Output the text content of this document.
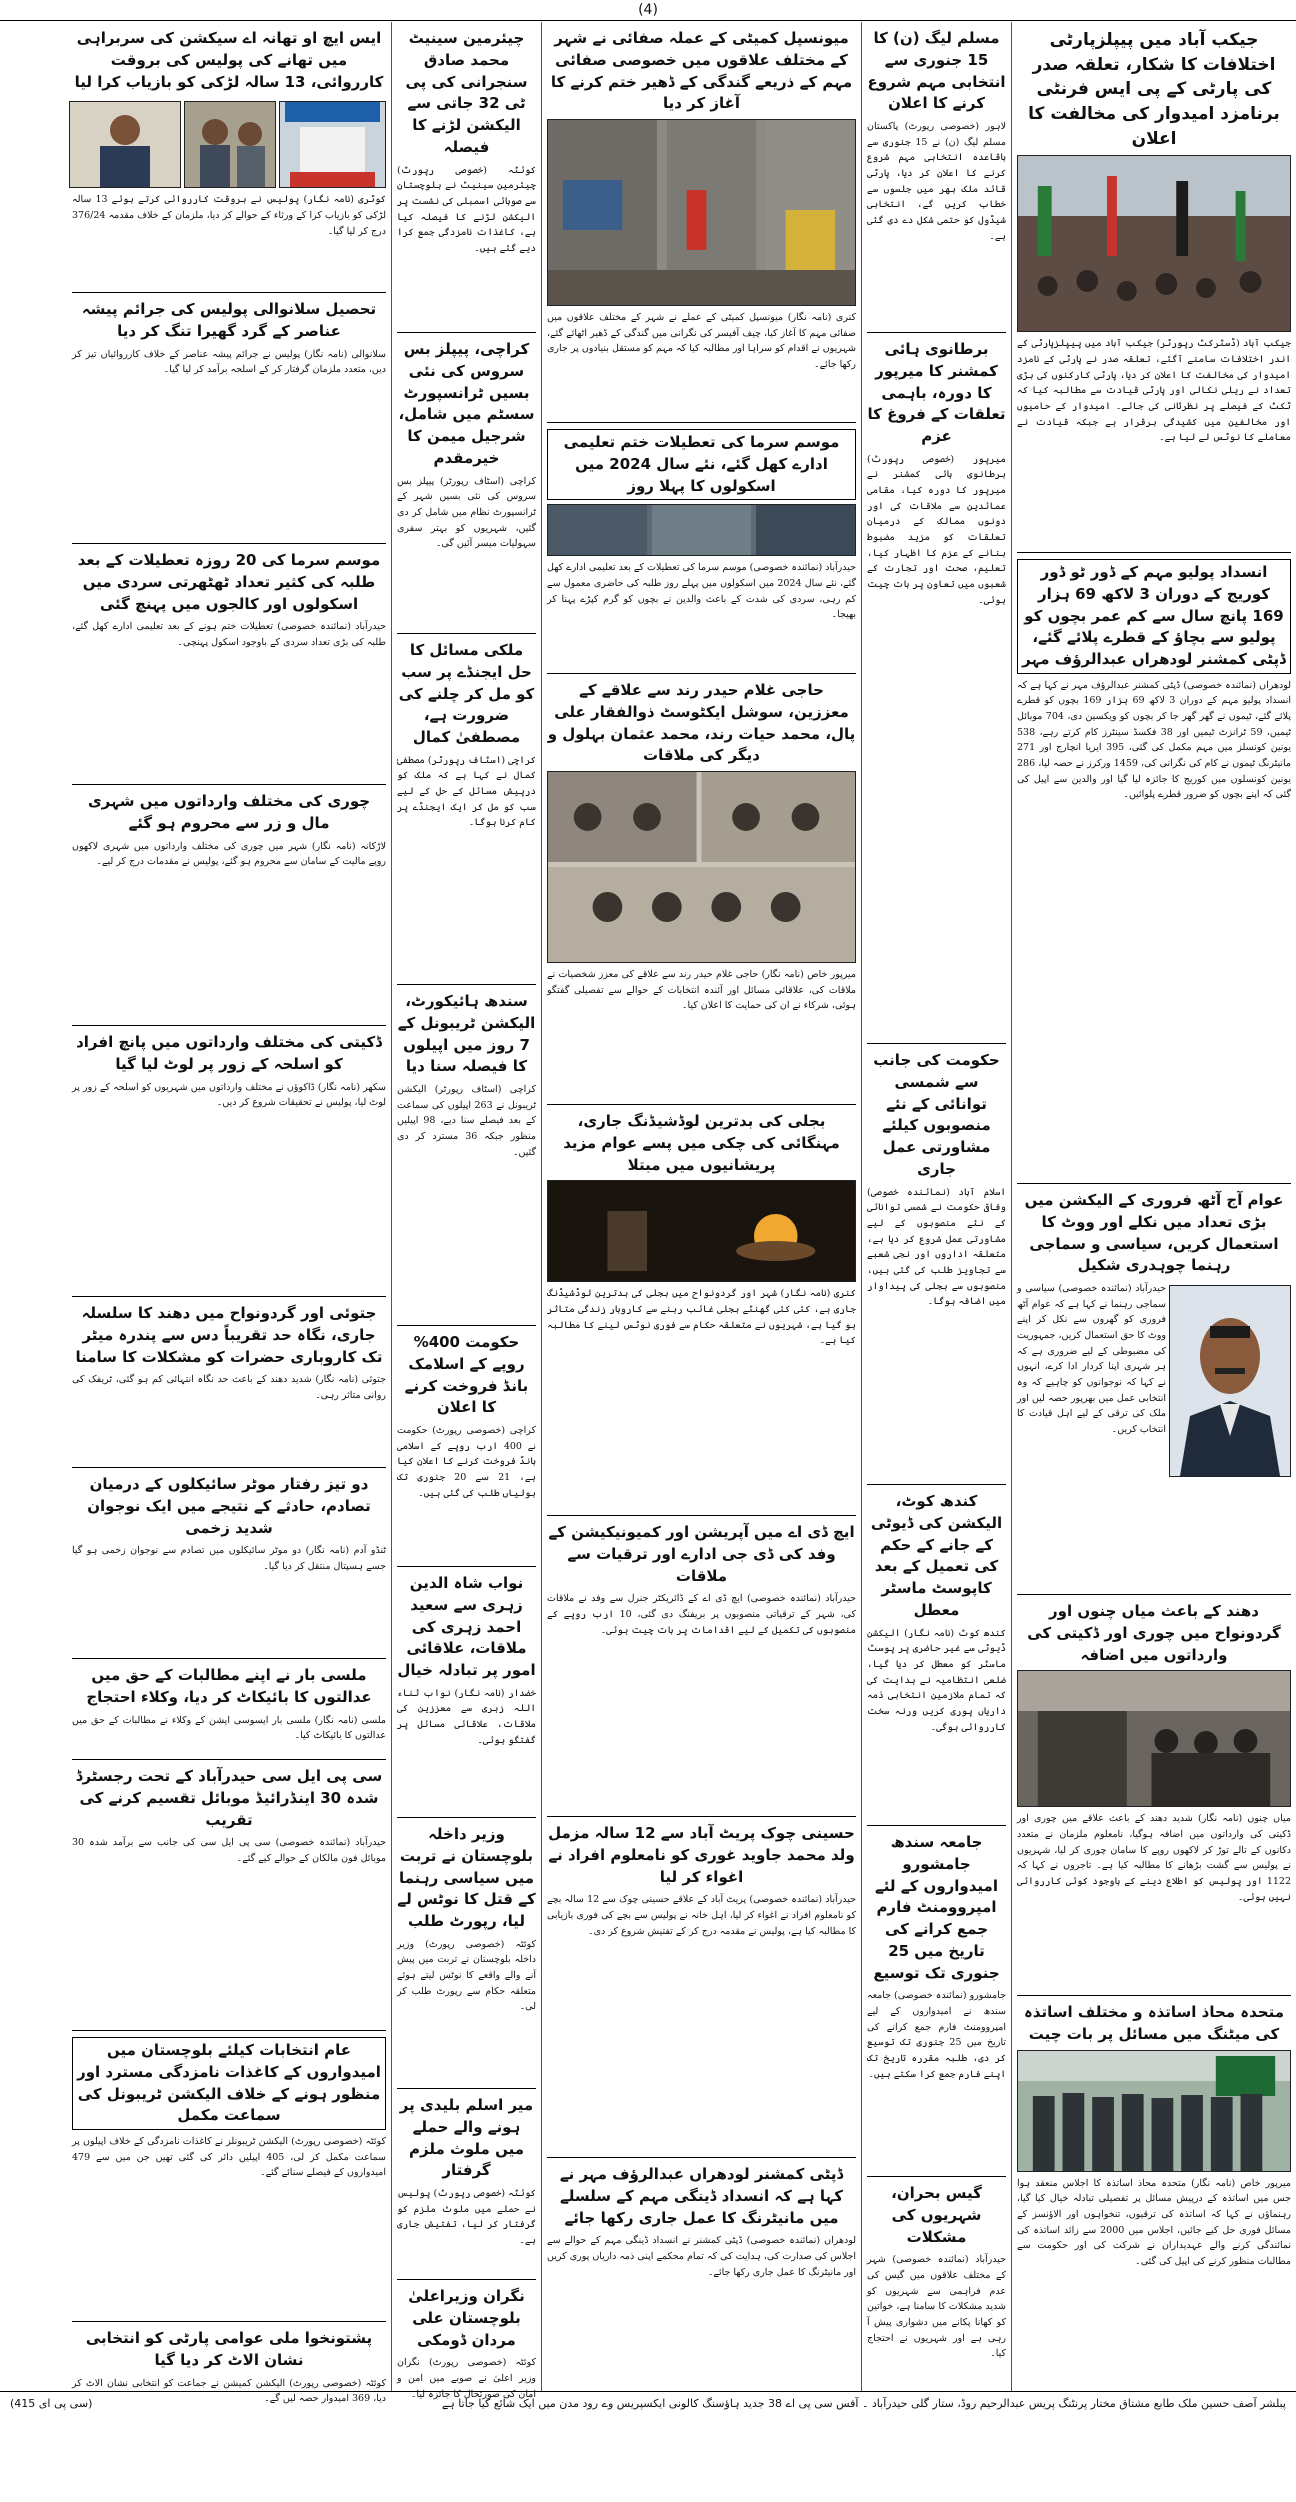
(4)
جیکب آباد میں پیپلزپارٹی اختلافات کا شکار، تعلقہ صدر کی پارٹی کے پی ایس فرنٹی برنامزد امیدوار کی مخالفت کا اعلان
جیکب آباد (ڈسٹرکٹ رپورٹر) جیکب آباد میں پیپلزپارٹی کے اندر اختلافات سامنے آگئے، تعلقہ صدر نے پارٹی کے نامزد امیدوار کی مخالفت کا اعلان کر دیا، پارٹی کارکنوں کی بڑی تعداد نے ریلی نکالی اور پارٹی قیادت سے مطالبہ کیا کہ ٹکٹ کے فیصلے پر نظرثانی کی جائے۔ امیدوار کے حامیوں اور مخالفین میں کشیدگی برقرار ہے جبکہ قیادت نے معاملے کا نوٹس لے لیا ہے۔
انسداد پولیو مہم کے ڈور ٹو ڈور کوریج کے دوران 3 لاکھ 69 ہزار 169 پانچ سال سے کم عمر بچوں کو پولیو سے بچاؤ کے قطرے پلائے گئے، ڈپٹی کمشنر لودھراں عبدالرؤف مہر
لودھراں (نمائندہ خصوصی) ڈپٹی کمشنر عبدالرؤف مہر نے کہا ہے کہ انسداد پولیو مہم کے دوران 3 لاکھ 69 ہزار 169 بچوں کو قطرے پلائے گئے، ٹیموں نے گھر گھر جا کر بچوں کو ویکسین دی، 704 موبائل ٹیمیں، 59 ٹرانزٹ ٹیمیں اور 38 فکسڈ سینٹرز کام کرتے رہے، 538 یونین کونسلز میں مہم مکمل کی گئی، 395 ایریا انچارج اور 271 مانیٹرنگ ٹیموں نے کام کی نگرانی کی، 1459 ورکرز نے حصہ لیا، 286 یونین کونسلوں میں کوریج کا جائزہ لیا گیا اور والدین سے اپیل کی گئی کہ اپنے بچوں کو ضرور قطرے پلوائیں۔
عوام آج آٹھ فروری کے الیکشن میں بڑی تعداد میں نکلے اور ووٹ کا استعمال کریں، سیاسی و سماجی رہنما چوہدری شکیل
حیدرآباد (نمائندہ خصوصی) سیاسی و سماجی رہنما نے کہا ہے کہ عوام آٹھ فروری کو گھروں سے نکل کر اپنے ووٹ کا حق استعمال کریں، جمہوریت کی مضبوطی کے لیے ضروری ہے کہ ہر شہری اپنا کردار ادا کرے، انہوں نے کہا کہ نوجوانوں کو چاہیے کہ وہ انتخابی عمل میں بھرپور حصہ لیں اور ملک کی ترقی کے لیے اہل قیادت کا انتخاب کریں۔
دھند کے باعث میاں چنوں اور گردونواح میں چوری اور ڈکیتی کی وارداتوں میں اضافہ
میاں چنوں (نامہ نگار) شدید دھند کے باعث علاقے میں چوری اور ڈکیتی کی وارداتوں میں اضافہ ہوگیا، نامعلوم ملزمان نے متعدد دکانوں کے تالے توڑ کر لاکھوں روپے کا سامان چوری کر لیا، شہریوں نے پولیس سے گشت بڑھانے کا مطالبہ کیا ہے۔ تاجروں نے کہا کہ 1122 اور پولیس کو اطلاع دینے کے باوجود کوئی کارروائی نہیں ہوئی۔
متحدہ محاذ اساتذہ و مختلف اساتذہ کی میٹنگ میں مسائل پر بات چیت
میرپور خاص (نامہ نگار) متحدہ محاذ اساتذہ کا اجلاس منعقد ہوا جس میں اساتذہ کے درپیش مسائل پر تفصیلی تبادلہ خیال کیا گیا، رہنماؤں نے کہا کہ اساتذہ کی ترقیوں، تنخواہوں اور الاؤنسز کے مسائل فوری حل کیے جائیں، اجلاس میں 2000 سے زائد اساتذہ کی نمائندگی کرنے والے عہدیداران نے شرکت کی اور حکومت سے مطالبات منظور کرنے کی اپیل کی گئی۔
مسلم لیگ (ن) کا 15 جنوری سے انتخابی مہم شروع کرنے کا اعلان
لاہور (خصوصی رپورٹ) پاکستان مسلم لیگ (ن) نے 15 جنوری سے باقاعدہ انتخابی مہم شروع کرنے کا اعلان کر دیا، پارٹی قائد ملک بھر میں جلسوں سے خطاب کریں گے، انتخابی شیڈول کو حتمی شکل دے دی گئی ہے۔
برطانوی ہائی کمشنر کا میرپور کا دورہ، باہمی تعلقات کے فروغ کا عزم
میرپور (خصوصی رپورٹ) برطانوی ہائی کمشنر نے میرپور کا دورہ کیا، مقامی عمائدین سے ملاقات کی اور دونوں ممالک کے درمیان تعلقات کو مزید مضبوط بنانے کے عزم کا اظہار کیا، تعلیم، صحت اور تجارت کے شعبوں میں تعاون پر بات چیت ہوئی۔
حکومت کی جانب سے شمسی توانائی کے نئے منصوبوں کیلئے مشاورتی عمل جاری
اسلام آباد (نمائندہ خصوصی) وفاقی حکومت نے شمسی توانائی کے نئے منصوبوں کے لیے مشاورتی عمل شروع کر دیا ہے، متعلقہ اداروں اور نجی شعبے سے تجاویز طلب کی گئی ہیں، منصوبوں سے بجلی کی پیداوار میں اضافہ ہوگا۔
کندھ کوٹ، الیکشن کی ڈیوٹی کے جانے کے حکم کی تعمیل کے بعد کاپوسٹ ماسٹر معطل
کندھ کوٹ (نامہ نگار) الیکشن ڈیوٹی سے غیر حاضری پر پوسٹ ماسٹر کو معطل کر دیا گیا، ضلعی انتظامیہ نے ہدایت کی کہ تمام ملازمین انتخابی ذمہ داریاں پوری کریں ورنہ سخت کارروائی ہوگی۔
جامعہ سندھ جامشورو امیدواروں کے لئے امپروومنٹ فارم جمع کرانے کی تاریخ میں 25 جنوری تک توسیع
جامشورو (نمائندہ خصوصی) جامعہ سندھ نے امیدواروں کے لیے امپروومنٹ فارم جمع کرانے کی تاریخ میں 25 جنوری تک توسیع کر دی، طلبہ مقررہ تاریخ تک اپنے فارم جمع کرا سکتے ہیں۔
گیس بحران، شہریوں کی مشکلات
حیدرآباد (نمائندہ خصوصی) شہر کے مختلف علاقوں میں گیس کی عدم فراہمی سے شہریوں کو شدید مشکلات کا سامنا ہے، خواتین کو کھانا پکانے میں دشواری پیش آ رہی ہے اور شہریوں نے احتجاج کیا۔
میونسپل کمیٹی کے عملہ صفائی نے شہر کے مختلف علاقوں میں خصوصی صفائی مہم کے ذریعے گندگی کے ڈھیر ختم کرنے کا آغاز کر دیا
کنری (نامہ نگار) میونسپل کمیٹی کے عملے نے شہر کے مختلف علاقوں میں صفائی مہم کا آغاز کیا، چیف آفیسر کی نگرانی میں گندگی کے ڈھیر اٹھائے گئے، شہریوں نے اقدام کو سراہا اور مطالبہ کیا کہ مہم کو مستقل بنیادوں پر جاری رکھا جائے۔
موسم سرما کی تعطیلات ختم تعلیمی ادارے کھل گئے، نئے سال 2024 میں اسکولوں کا پہلا روز
حیدرآباد (نمائندہ خصوصی) موسم سرما کی تعطیلات کے بعد تعلیمی ادارے کھل گئے، نئے سال 2024 میں اسکولوں میں پہلے روز طلبہ کی حاضری معمول سے کم رہی، سردی کی شدت کے باعث والدین نے بچوں کو گرم کپڑے پہنا کر بھیجا۔
حاجی غلام حیدر رند سے علاقے کے معززین، سوشل ایکٹوسٹ ذوالفقار علی پال، محمد حیات رند، محمد عثمان بہلول و دیگر کی ملاقات
میرپور خاص (نامہ نگار) حاجی غلام حیدر رند سے علاقے کی معزز شخصیات نے ملاقات کی، علاقائی مسائل اور آئندہ انتخابات کے حوالے سے تفصیلی گفتگو ہوئی، شرکاء نے ان کی حمایت کا اعلان کیا۔
بجلی کی بدترین لوڈشیڈنگ جاری، مہنگائی کی چکی میں پسے عوام مزید پریشانیوں میں مبتلا
کنری (نامہ نگار) شہر اور گردونواح میں بجلی کی بدترین لوڈشیڈنگ جاری ہے، کئی کئی گھنٹے بجلی غائب رہنے سے کاروبار زندگی متاثر ہو گیا ہے، شہریوں نے متعلقہ حکام سے فوری نوٹس لینے کا مطالبہ کیا ہے۔
ایچ ڈی اے میں آپریشن اور کمیونیکیشن کے وفد کی ڈی جی ادارے اور ترقیات سے ملاقات
حیدرآباد (نمائندہ خصوصی) ایچ ڈی اے کے ڈائریکٹر جنرل سے وفد نے ملاقات کی، شہر کے ترقیاتی منصوبوں پر بریفنگ دی گئی، 10 ارب روپے کے منصوبوں کی تکمیل کے لیے اقدامات پر بات چیت ہوئی۔
حسینی چوک پریٹ آباد سے 12 سالہ مزمل ولد محمد جاوید غوری کو نامعلوم افراد نے اغواء کر لیا
حیدرآباد (نمائندہ خصوصی) پریٹ آباد کے علاقے حسینی چوک سے 12 سالہ بچے کو نامعلوم افراد نے اغواء کر لیا، اہل خانہ نے پولیس سے بچے کی فوری بازیابی کا مطالبہ کیا ہے، پولیس نے مقدمہ درج کر کے تفتیش شروع کر دی۔
ڈپٹی کمشنر لودھراں عبدالرؤف مہر نے کہا ہے کہ انسداد ڈینگی مہم کے سلسلے میں مانیٹرنگ کا عمل جاری رکھا جائے
لودھراں (نمائندہ خصوصی) ڈپٹی کمشنر نے انسداد ڈینگی مہم کے حوالے سے اجلاس کی صدارت کی، ہدایت کی کہ تمام محکمے اپنی ذمہ داریاں پوری کریں اور مانیٹرنگ کا عمل جاری رکھا جائے۔
چیئرمین سینیٹ محمد صادق سنجرانی کی پی ٹی 32 جاتی سے الیکشن لڑنے کا فیصلہ
کوئٹہ (خصوصی رپورٹ) چیئرمین سینیٹ نے بلوچستان سے صوبائی اسمبلی کی نشست پر الیکشن لڑنے کا فیصلہ کیا ہے، کاغذات نامزدگی جمع کرا دیے گئے ہیں۔
کراچی، پیپلز بس سروس کی نئی بسیں ٹرانسپورٹ سسٹم میں شامل، شرجیل میمن کا خیرمقدم
کراچی (اسٹاف رپورٹر) پیپلز بس سروس کی نئی بسیں شہر کے ٹرانسپورٹ نظام میں شامل کر دی گئیں، شہریوں کو بہتر سفری سہولیات میسر آئیں گی۔
ملکی مسائل کا حل ایجنڈے پر سب کو مل کر چلنے کی ضرورت ہے، مصطفیٰ کمال
کراچی (اسٹاف رپورٹر) مصطفیٰ کمال نے کہا ہے کہ ملک کو درپیش مسائل کے حل کے لیے سب کو مل کر ایک ایجنڈے پر کام کرنا ہوگا۔
سندھ ہائیکورٹ، الیکشن ٹریبونل کے 7 روز میں اپیلوں کا فیصلہ سنا دیا
کراچی (اسٹاف رپورٹر) الیکشن ٹریبونل نے 263 اپیلوں کی سماعت کے بعد فیصلے سنا دیے، 98 اپیلیں منظور جبکہ 36 مسترد کر دی گئیں۔
حکومت 400% روپے کے اسلامک بانڈ فروخت کرنے کا اعلان
کراچی (خصوصی رپورٹ) حکومت نے 400 ارب روپے کے اسلامی بانڈ فروخت کرنے کا اعلان کیا ہے، 21 سے 20 جنوری تک بولیاں طلب کی گئی ہیں۔
نواب شاہ الدین زہری سے سعید احمد زہری کی ملاقات، علاقائی امور پر تبادلہ خیال
خضدار (نامہ نگار) نواب ثناء اللہ زہری سے معززین کی ملاقات، علاقائی مسائل پر گفتگو ہوئی۔
وزیر داخلہ بلوچستان نے تربت میں سیاسی رہنما کے قتل کا نوٹس لے لیا، رپورٹ طلب
کوئٹہ (خصوصی رپورٹ) وزیر داخلہ بلوچستان نے تربت میں پیش آنے والے واقعے کا نوٹس لیتے ہوئے متعلقہ حکام سے رپورٹ طلب کر لی۔
میر اسلم بلیدی پر ہونے والے حملے میں ملوث ملزم گرفتار
کوئٹہ (خصوصی رپورٹ) پولیس نے حملے میں ملوث ملزم کو گرفتار کر لیا، تفتیش جاری ہے۔
نگران وزیراعلیٰ بلوچستان علی مردان ڈومکی
کوئٹہ (خصوصی رپورٹ) نگران وزیر اعلیٰ نے صوبے میں امن و امان کی صورتحال کا جائزہ لیا۔
ایس ایچ او تھانہ اے سیکشن کی سربراہی میں تھانے کی پولیس کی بروقت کارروائی، 13 سالہ لڑکی کو بازیاب کرا لیا
کوٹری (نامہ نگار) پولیس نے بروقت کارروائی کرتے ہوئے 13 سالہ لڑکی کو بازیاب کرا کے ورثاء کے حوالے کر دیا، ملزمان کے خلاف مقدمہ 376/24 درج کر لیا گیا۔
تحصیل سلانوالی پولیس کی جرائم پیشہ عناصر کے گرد گھیرا تنگ کر دیا
سلانوالی (نامہ نگار) پولیس نے جرائم پیشہ عناصر کے خلاف کارروائیاں تیز کر دیں، متعدد ملزمان گرفتار کر کے اسلحہ برآمد کر لیا گیا۔
موسم سرما کی 20 روزہ تعطیلات کے بعد طلبہ کی کثیر تعداد ٹھٹھرتی سردی میں اسکولوں اور کالجوں میں پہنچ گئی
حیدرآباد (نمائندہ خصوصی) تعطیلات ختم ہونے کے بعد تعلیمی ادارے کھل گئے، طلبہ کی بڑی تعداد سردی کے باوجود اسکول پہنچی۔
چوری کی مختلف وارداتوں میں شہری مال و زر سے محروم ہو گئے
لاڑکانہ (نامہ نگار) شہر میں چوری کی مختلف وارداتوں میں شہری لاکھوں روپے مالیت کے سامان سے محروم ہو گئے، پولیس نے مقدمات درج کر لیے۔
ڈکیتی کی مختلف وارداتوں میں پانچ افراد کو اسلحہ کے زور پر لوٹ لیا گیا
سکھر (نامہ نگار) ڈاکوؤں نے مختلف وارداتوں میں شہریوں کو اسلحہ کے زور پر لوٹ لیا، پولیس نے تحقیقات شروع کر دیں۔
جتوئی اور گردونواح میں دھند کا سلسلہ جاری، نگاہ حد تقریباً دس سے پندرہ میٹر تک کاروباری حضرات کو مشکلات کا سامنا
جتوئی (نامہ نگار) شدید دھند کے باعث حد نگاہ انتہائی کم ہو گئی، ٹریفک کی روانی متاثر رہی۔
دو تیز رفتار موٹر سائیکلوں کے درمیان تصادم، حادثے کے نتیجے میں ایک نوجوان شدید زخمی
ٹنڈو آدم (نامہ نگار) دو موٹر سائیکلوں میں تصادم سے نوجوان زخمی ہو گیا جسے ہسپتال منتقل کر دیا گیا۔
ملسی بار نے اپنے مطالبات کے حق میں عدالتوں کا بائیکاٹ کر دیا، وکلاء احتجاج
ملسی (نامہ نگار) ملسی بار ایسوسی ایشن کے وکلاء نے مطالبات کے حق میں عدالتوں کا بائیکاٹ کیا۔
سی پی ایل سی حیدرآباد کے تحت رجسٹرڈ شدہ 30 اینڈرائیڈ موبائل تقسیم کرنے کی تقریب
حیدرآباد (نمائندہ خصوصی) سی پی ایل سی کی جانب سے برآمد شدہ 30 موبائل فون مالکان کے حوالے کیے گئے۔
عام انتخابات کیلئے بلوچستان میں امیدواروں کے کاغذات نامزدگی مسترد اور منظور ہونے کے خلاف الیکشن ٹریبونل کی سماعت مکمل
کوئٹہ (خصوصی رپورٹ) الیکشن ٹریبونلز نے کاغذات نامزدگی کے خلاف اپیلوں پر سماعت مکمل کر لی، 405 اپیلیں دائر کی گئی تھیں جن میں سے 479 امیدواروں کے فیصلے سنائے گئے۔
پشتونخوا ملی عوامی پارٹی کو انتخابی نشان الاٹ کر دیا گیا
کوئٹہ (خصوصی رپورٹ) الیکشن کمیشن نے جماعت کو انتخابی نشان الاٹ کر دیا، 369 امیدوار حصہ لیں گے۔	پبلشر آصف حسین ملک طابع مشتاق مختار پرنٹنگ پریس عبدالرحیم روڈ، ستار گلی حیدرآباد ۔ آفس سی پی اے 38 جدید ہاؤسنگ کالونی ایکسپریس وے رود مدن میں ایک شائع کیا جاتا ہے
(سی پی ای 415)
